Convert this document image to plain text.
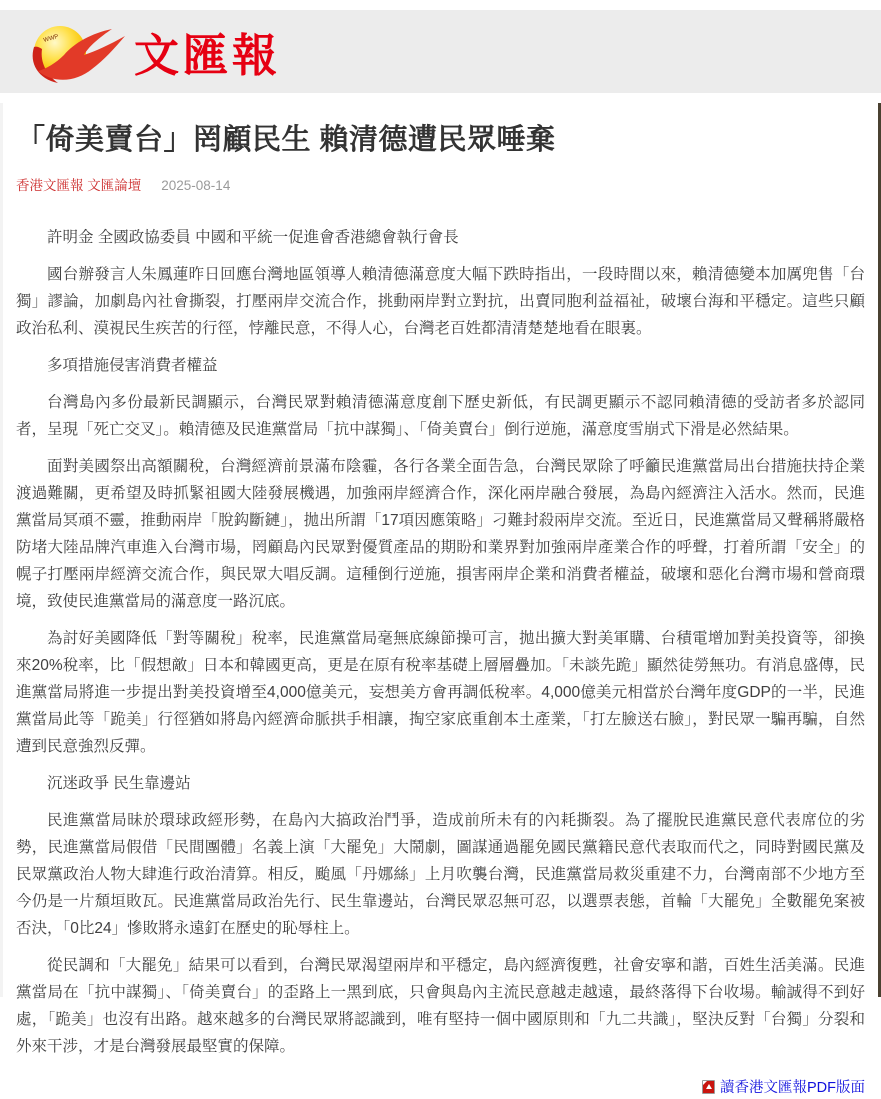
WWP 文匯報
「倚美賣台」罔顧民生 賴清德遭民眾唾棄
香港文匯報 文匯論壇 2025-08-14

許明金 全國政協委員 中國和平統一促進會香港總會執行會長

國台辦發言人朱鳳蓮昨日回應台灣地區領導人賴清德滿意度大幅下跌時指出，一段時間以來，賴清德變本加厲兜售「台獨」謬論，加劇島內社會撕裂，打壓兩岸交流合作，挑動兩岸對立對抗，出賣同胞利益福祉，破壞台海和平穩定。這些只顧政治私利、漠視民生疾苦的行徑，悖離民意，不得人心，台灣老百姓都清清楚楚地看在眼裏。

多項措施侵害消費者權益

台灣島內多份最新民調顯示，台灣民眾對賴清德滿意度創下歷史新低，有民調更顯示不認同賴清德的受訪者多於認同者，呈現「死亡交叉」。賴清德及民進黨當局「抗中謀獨」、「倚美賣台」倒行逆施，滿意度雪崩式下滑是必然結果。

面對美國祭出高額關稅，台灣經濟前景滿布陰霾，各行各業全面告急，台灣民眾除了呼籲民進黨當局出台措施扶持企業渡過難關，更希望及時抓緊祖國大陸發展機遇，加強兩岸經濟合作，深化兩岸融合發展，為島內經濟注入活水。然而，民進黨當局冥頑不靈，推動兩岸「脫鈎斷鏈」，拋出所謂「17項因應策略」刁難封殺兩岸交流。至近日，民進黨當局又聲稱將嚴格防堵大陸品牌汽車進入台灣市場，罔顧島內民眾對優質產品的期盼和業界對加強兩岸產業合作的呼聲，打着所謂「安全」的幌子打壓兩岸經濟交流合作，與民眾大唱反調。這種倒行逆施，損害兩岸企業和消費者權益，破壞和惡化台灣市場和營商環境，致使民進黨當局的滿意度一路沉底。

為討好美國降低「對等關稅」稅率，民進黨當局毫無底線節操可言，拋出擴大對美軍購、台積電增加對美投資等，卻換來20%稅率，比「假想敵」日本和韓國更高，更是在原有稅率基礎上層層疊加。「未談先跪」顯然徒勞無功。有消息盛傳，民進黨當局將進一步提出對美投資增至4,000億美元，妄想美方會再調低稅率。4,000億美元相當於台灣年度GDP的一半，民進黨當局此等「跪美」行徑猶如將島內經濟命脈拱手相讓，掏空家底重創本土產業，「打左臉送右臉」，對民眾一騙再騙，自然遭到民意強烈反彈。

沉迷政爭 民生靠邊站

民進黨當局昧於環球政經形勢，在島內大搞政治鬥爭，造成前所未有的內耗撕裂。為了擺脫民進黨民意代表席位的劣勢，民進黨當局假借「民間團體」名義上演「大罷免」大鬧劇，圖謀通過罷免國民黨籍民意代表取而代之，同時對國民黨及民眾黨政治人物大肆進行政治清算。相反，颱風「丹娜絲」上月吹襲台灣，民進黨當局救災重建不力，台灣南部不少地方至今仍是一片頹垣敗瓦。民進黨當局政治先行、民生靠邊站，台灣民眾忍無可忍，以選票表態，首輪「大罷免」全數罷免案被否決，「0比24」慘敗將永遠釘在歷史的恥辱柱上。

從民調和「大罷免」結果可以看到，台灣民眾渴望兩岸和平穩定，島內經濟復甦，社會安寧和諧，百姓生活美滿。民進黨當局在「抗中謀獨」、「倚美賣台」的歪路上一黑到底，只會與島內主流民意越走越遠，最終落得下台收場。輸誠得不到好處，「跪美」也沒有出路。越來越多的台灣民眾將認識到，唯有堅持一個中國原則和「九二共識」，堅決反對「台獨」分裂和外來干涉，才是台灣發展最堅實的保障。

讀香港文匯報PDF版面
